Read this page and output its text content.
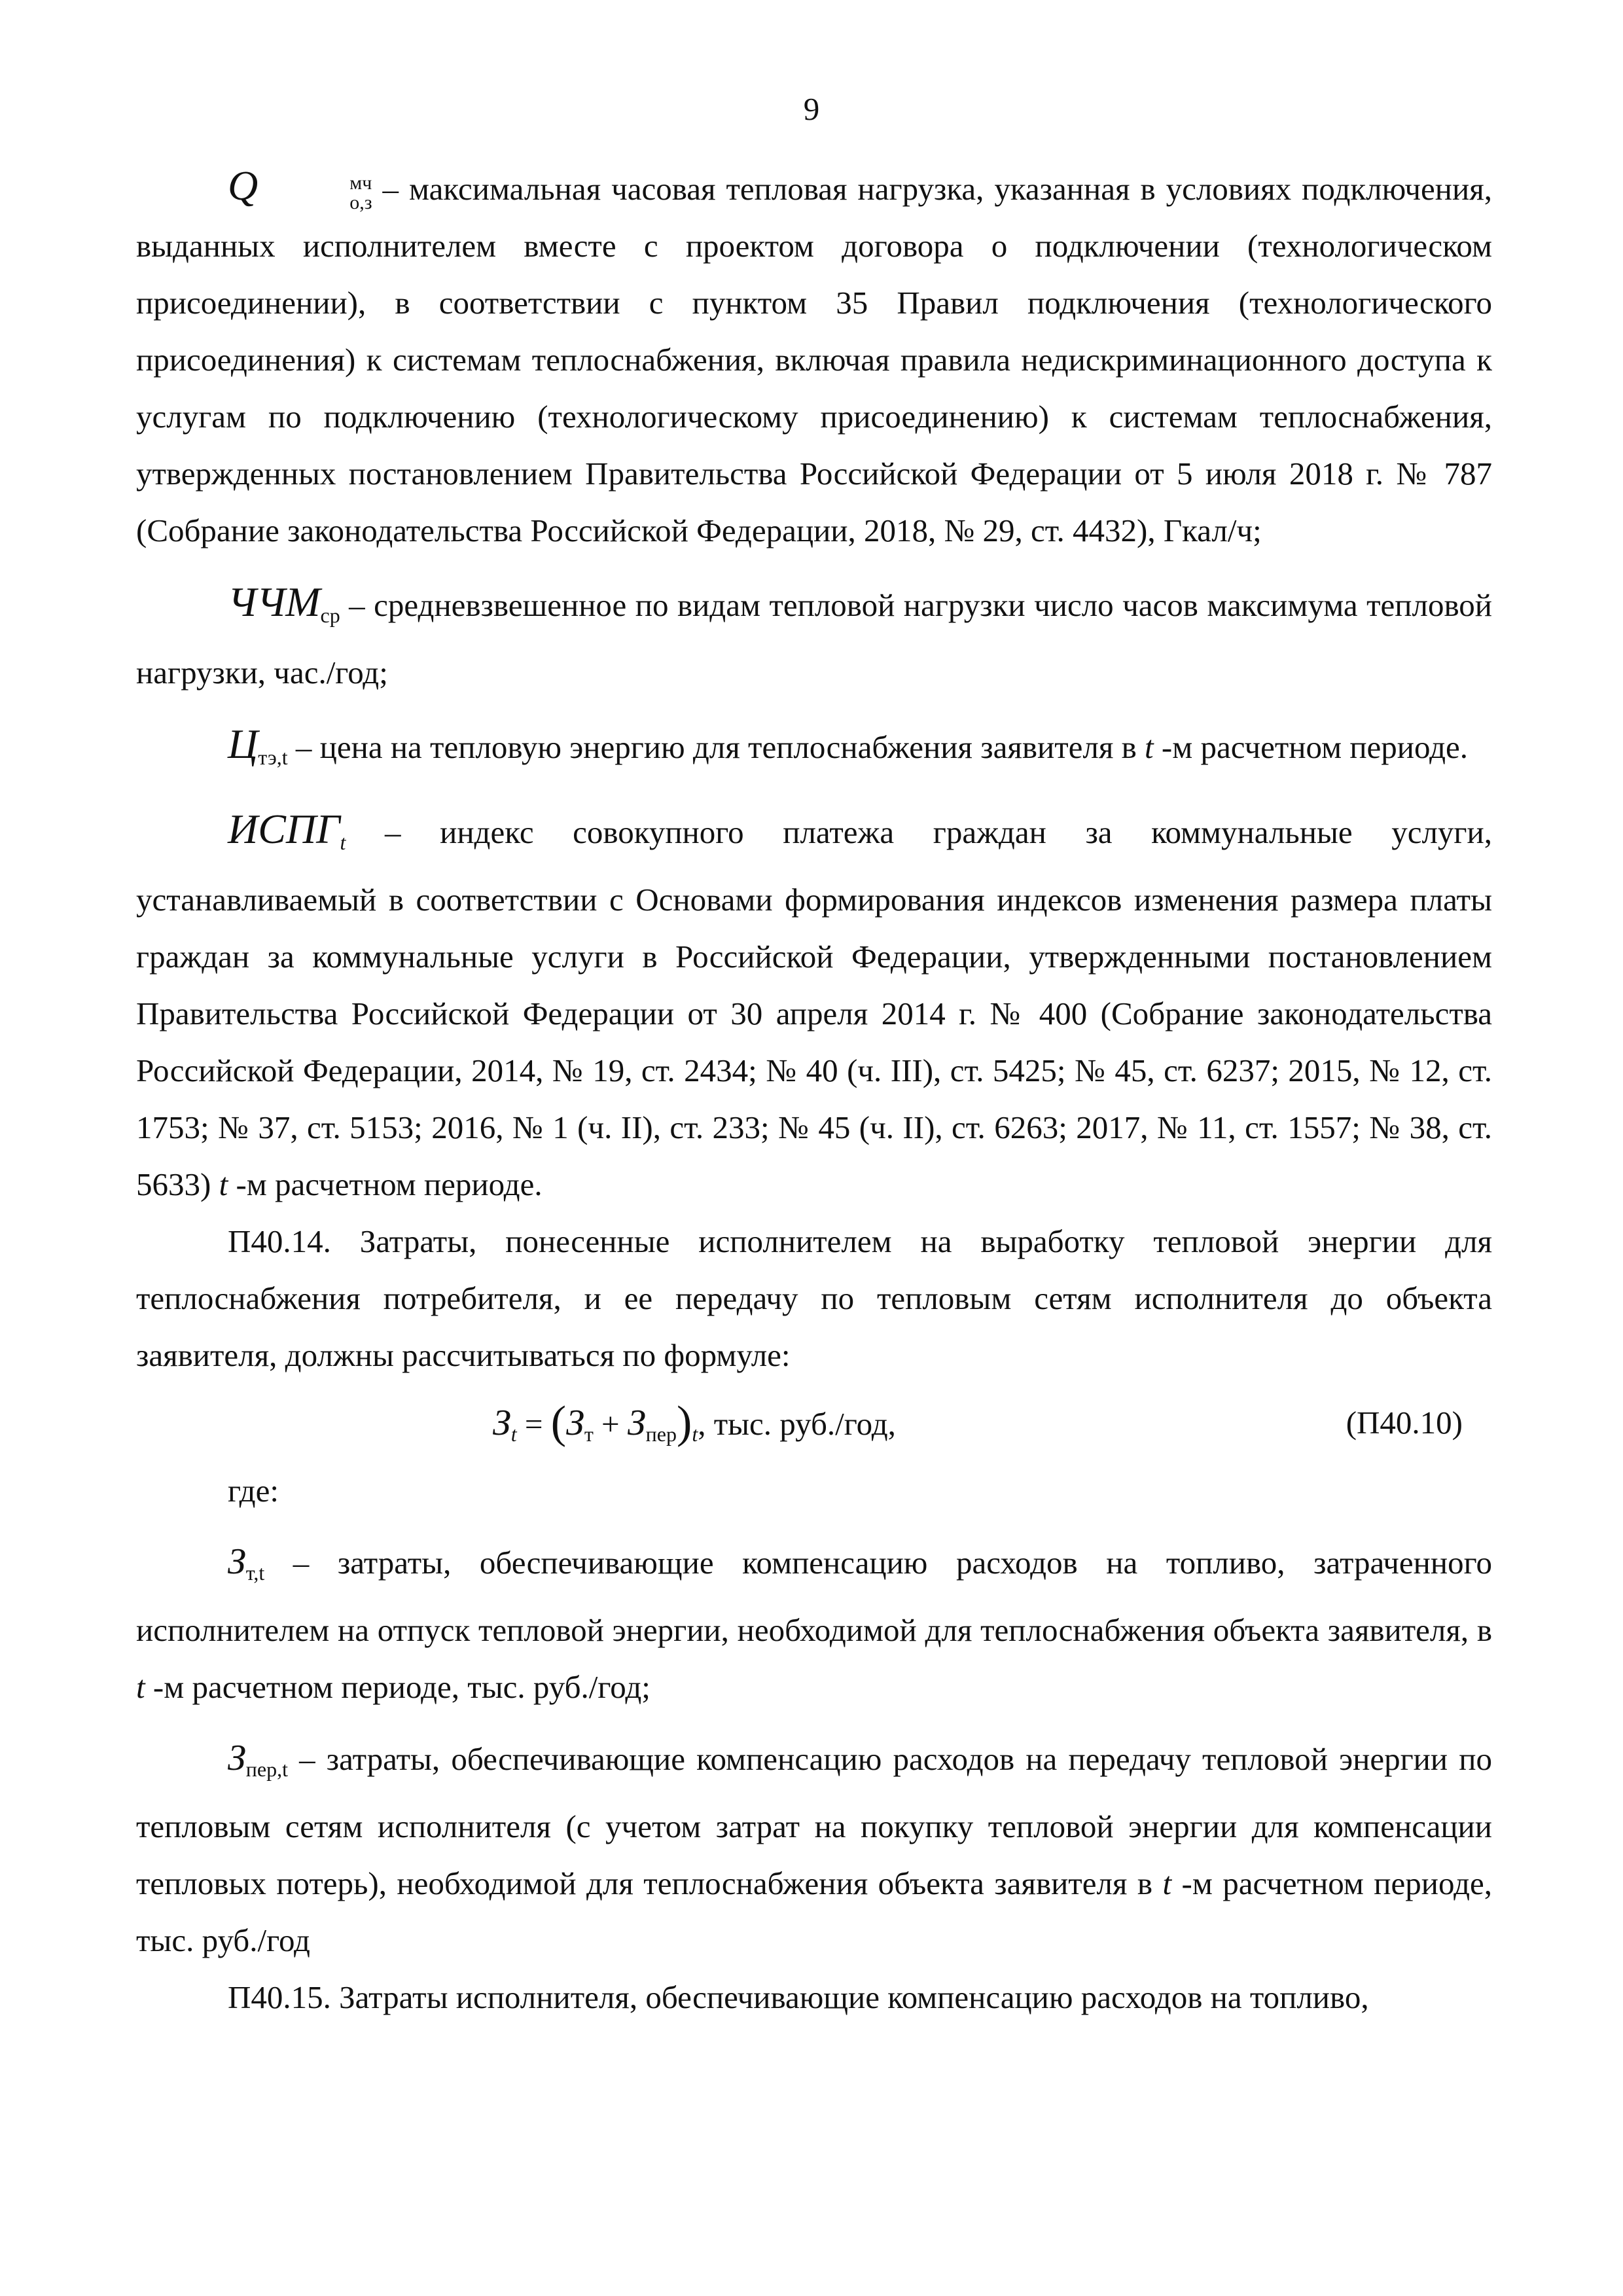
9

Q	мч
о,з – максимальная часовая тепловая нагрузка, указанная в условиях подключения, выданных исполнителем вместе с проектом договора о подключении (технологическом присоединении), в соответствии с пунктом 35 Правил подключения (технологического присоединения) к системам теплоснабжения, включая правила недискриминационного доступа к услугам по подключению (технологическому присоединению) к системам теплоснабжения, утвержденных постановлением Правительства Российской Федерации от 5 июля 2018 г. № 787 (Собрание законодательства Российской Федерации, 2018, № 29, ст. 4432), Гкал/ч;

$ЧЧМ_{ср}$ – средневзвешенное по видам тепловой нагрузки число часов максимума тепловой нагрузки, час./год;

$Ц_{тэ,t}$ – цена на тепловую энергию для теплоснабжения заявителя в t -м расчетном периоде.

$ИСПГ_t$ – индекс совокупного платежа граждан за коммунальные услуги, устанавливаемый в соответствии с Основами формирования индексов изменения размера платы граждан за коммунальные услуги в Российской Федерации, утвержденными постановлением Правительства Российской Федерации от 30 апреля 2014 г. № 400 (Собрание законодательства Российской Федерации, 2014, № 19, ст. 2434; № 40 (ч. III), ст. 5425; № 45, ст. 6237; 2015, № 12, ст. 1753; № 37, ст. 5153; 2016, № 1 (ч. II), ст. 233; № 45 (ч. II), ст. 6263; 2017, № 11, ст. 1557; № 38, ст. 5633) t -м расчетном периоде.

П40.14. Затраты, понесенные исполнителем на выработку тепловой энергии для теплоснабжения потребителя, и ее передачу по тепловым сетям исполнителя до объекта заявителя, должны рассчитываться по формуле:

$З_t = (З_т + З_{пер})_t$, тыс. руб./год,	(П40.10)

где:

$З_{т,t}$ – затраты, обеспечивающие компенсацию расходов на топливо, затраченного исполнителем на отпуск тепловой энергии, необходимой для теплоснабжения объекта заявителя, в t -м расчетном периоде, тыс. руб./год;

$З_{пер,t}$ – затраты, обеспечивающие компенсацию расходов на передачу тепловой энергии по тепловым сетям исполнителя (с учетом затрат на покупку тепловой энергии для компенсации тепловых потерь), необходимой для теплоснабжения объекта заявителя в t -м расчетном периоде, тыс. руб./год

П40.15. Затраты исполнителя, обеспечивающие компенсацию расходов на топливо,
